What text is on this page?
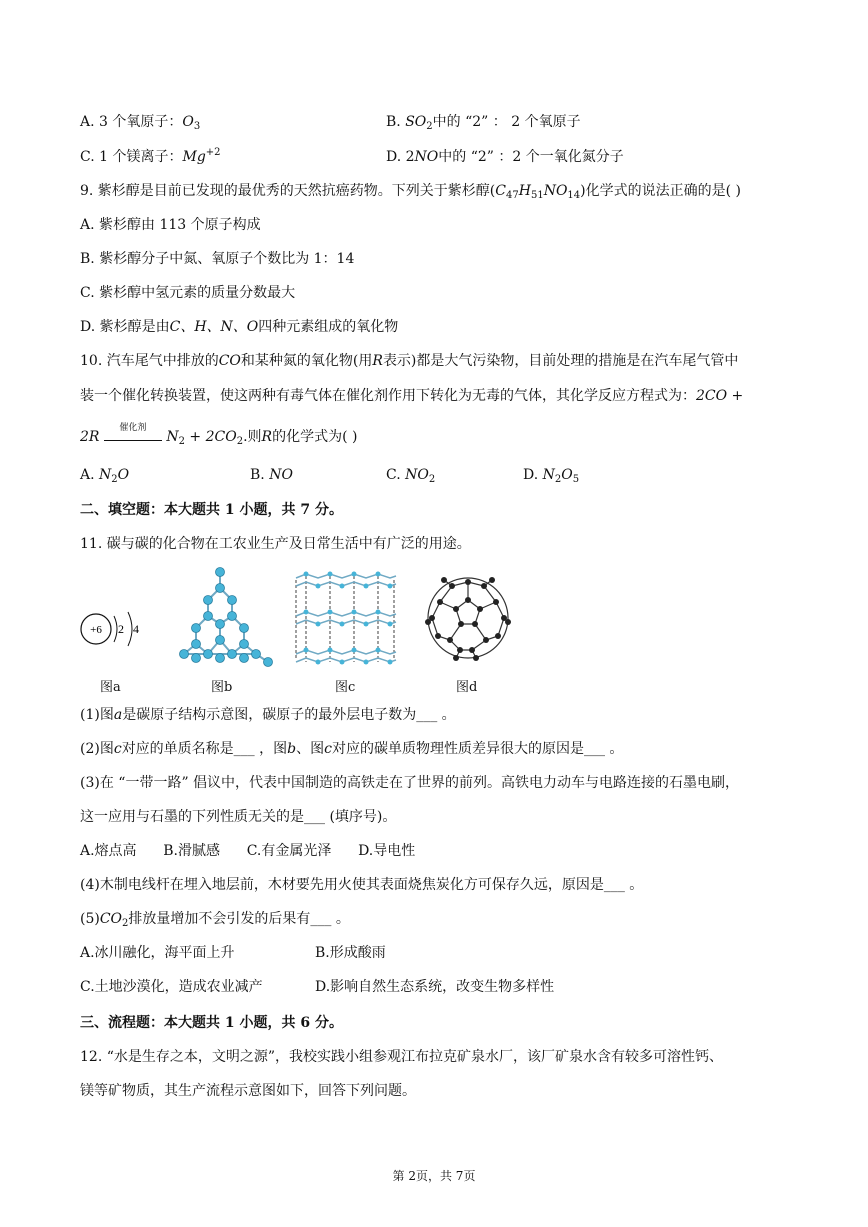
A. 3 个氧原子：$O_3$	B. $SO_2$中的 “2” ： 2 个氧原子
C. 1 个镁离子：$Mg^{+2}$	D. 2NO中的 “2” ：2 个一氧化氮分子
9. 紫杉醇是目前已发现的最优秀的天然抗癌药物。下列关于紫杉醇$(C_{47}H_{51}NO_{14})$化学式的说法正确的是( )
A. 紫杉醇由 113 个原子构成
B. 紫杉醇分子中氮、氧原子个数比为 1：14
C. 紫杉醇中氢元素的质量分数最大
D. 紫杉醇是由C、H、N、O四种元素组成的氧化物
10. 汽车尾气中排放的CO和某种氮的氧化物(用R表示)都是大气污染物，目前处理的措施是在汽车尾气管中
装一个催化转换装置，使这两种有毒气体在催化剂作用下转化为无毒的气体，其化学反应方程式为：2CO +
2R
催化剂
$N_2 + 2CO_2$.则R的化学式为( )
A. $N_2O$	B. NO	C. $NO_2$	D. $N_2O_5$
二、填空题：本大题共 1 小题，共 7 分。
11. 碳与碳的化合物在工农业生产及日常生活中有广泛的用途。
+6 2 4
图a	图b	图c	图d
(1)图a是碳原子结构示意图，碳原子的最外层电子数为___ 。
(2)图c对应的单质名称是___ ，图b、图c对应的碳单质物理性质差异很大的原因是___ 。
(3)在 “一带一路” 倡议中，代表中国制造的高铁走在了世界的前列。高铁电力动车与电路连接的石墨电刷，
这一应用与石墨的下列性质无关的是___ (填序号)。
A.熔点高      B.滑腻感      C.有金属光泽      D.导电性
(4)木制电线杆在埋入地层前，木材要先用火使其表面烧焦炭化方可保存久远，原因是___ 。
$(5)CO_2$排放量增加不会引发的后果有___ 。
A.冰川融化，海平面上升	B.形成酸雨
C.土地沙漠化，造成农业减产	D.影响自然生态系统，改变生物多样性
三、流程题：本大题共 1 小题，共 6 分。
12. “水是生存之本，文明之源”，我校实践小组参观江布拉克矿泉水厂，该厂矿泉水含有较多可溶性钙、
镁等矿物质，其生产流程示意图如下，回答下列问题。
第 2页，共 7页
